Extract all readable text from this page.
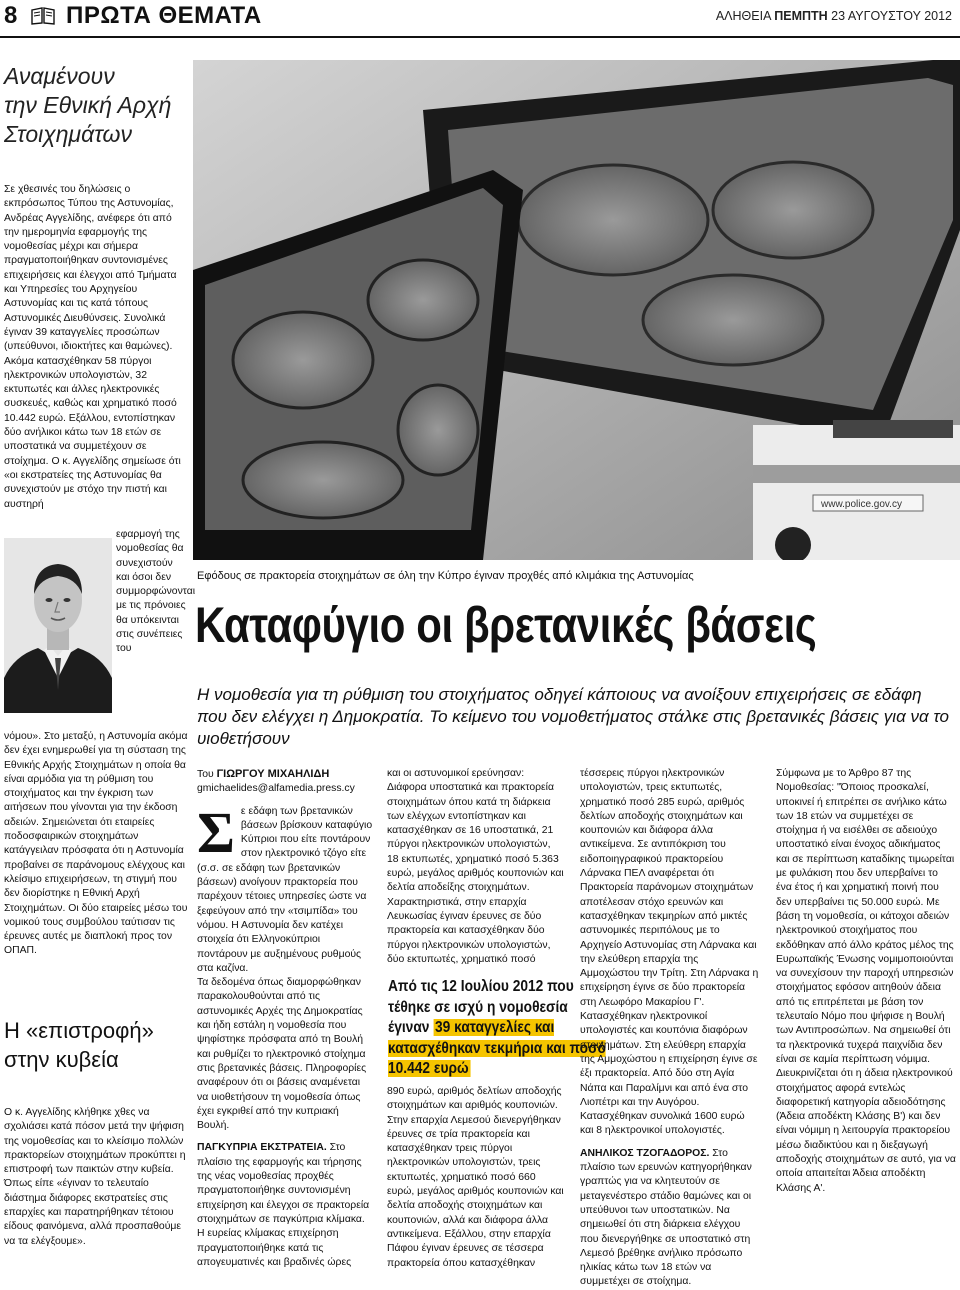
8 ΠΡΩΤΑ ΘΕΜΑΤΑ	ΑΛΗΘΕΙΑ ΠΕΜΠΤΗ 23 ΑΥΓΟΥΣΤΟΥ 2012
Αναμένουν
την Εθνική Αρχή
Στοιχημάτων

Σε χθεσινές του δηλώσεις ο εκπρόσωπος Τύπου της Αστυνομίας, Ανδρέας Αγγελίδης, ανέφερε ότι από την ημερομηνία εφαρμογής της νομοθεσίας μέχρι και σήμερα πραγματοποιήθηκαν συντονισμένες επιχειρήσεις και έλεγχοι από Τμήματα και Υπηρεσίες του Αρχηγείου Αστυνομίας και τις κατά τόπους Αστυνομικές Διευθύνσεις. Συνολικά έγιναν 39 καταγγελίες προσώπων (υπεύθυνοι, ιδιοκτήτες και θαμώνες). Ακόμα κατασχέθηκαν 58 πύργοι ηλεκτρονικών υπολογιστών, 32 εκτυπωτές και άλλες ηλεκτρονικές συσκευές, καθώς και χρηματικό ποσό 10.442 ευρώ. Εξάλλου, εντοπίστηκαν δύο ανήλικοι κάτω των 18 ετών σε υποστατικά να συμμετέχουν σε στοίχημα. Ο κ. Αγγελίδης σημείωσε ότι «οι εκστρατείες της Αστυνομίας θα συνεχιστούν με στόχο την πιστή και αυστηρή

εφαρμογή της νομοθεσίας θα συνεχιστούν και όσοι δεν συμμορφώνονται με τις πρόνοιες θα υπόκεινται στις συνέπειες του

νόμου». Στο μεταξύ, η Αστυνομία ακόμα δεν έχει ενημερωθεί για τη σύσταση της Εθνικής Αρχής Στοιχημάτων η οποία θα είναι αρμόδια για τη ρύθμιση του στοιχήματος και την έγκριση των αιτήσεων που γίνονται για την έκδοση αδειών. Σημειώνεται ότι εταιρείες ποδοσφαιρικών στοιχημάτων κατάγγειλαν πρόσφατα ότι η Αστυνομία προβαίνει σε παράνομους ελέγχους και κλείσιμο επιχειρήσεων, τη στιγμή που δεν διορίστηκε η Εθνική Αρχή Στοιχημάτων. Οι δύο εταιρείες μέσω του νομικού τους συμβούλου ταύτισαν τις έρευνες αυτές με διαπλοκή προς τον ΟΠΑΠ.

Η «επιστροφή»
στην κυβεία

Ο κ. Αγγελίδης κλήθηκε χθες να σχολιάσει κατά πόσον μετά την ψήφιση της νομοθεσίας και το κλείσιμο πολλών πρακτορείων στοιχημάτων προκύπτει η επιστροφή των παικτών στην κυβεία. Όπως είπε «έγιναν το τελευταίο διάστημα διάφορες εκστρατείες στις επαρχίες και παρατηρήθηκαν τέτοιου είδους φαινόμενα, αλλά προσπαθούμε να τα ελέγξουμε».

www.police.gov.cy
Εφόδους σε πρακτορεία στοιχημάτων σε όλη την Κύπρο έγιναν προχθές από κλιμάκια της Αστυνομίας
Καταφύγιο οι βρετανικές βάσεις
Η νομοθεσία για τη ρύθμιση του στοιχήματος οδηγεί κάποιους να ανοίξουν επιχειρήσεις σε εδάφη που δεν ελέγχει η Δημοκρατία. Το κείμενο του νομοθετήματος στάλκε στις βρετανικές βάσεις για να το υιοθετήσουν
Του ΓΙΩΡΓΟΥ ΜΙΧΑΗΛΙΔΗ
gmichaelides@alfamedia.press.cy
Σ ε εδάφη των βρετανικών βάσεων βρίσκουν καταφύγιο Κύπριοι που είτε ποντάρουν στον ηλεκτρονικό τζόγο είτε (σ.σ. σε εδάφη των βρετανικών βάσεων) ανοίγουν πρακτορεία που παρέχουν τέτοιες υπηρεσίες ώστε να ξεφεύγουν από την «τσιμπίδα» του νόμου. Η Αστυνομία δεν κατέχει στοιχεία ότι Ελληνοκύπριοι ποντάρουν με αυξημένους ρυθμούς στα καζίνα.

Τα δεδομένα όπως διαμορφώθηκαν παρακολουθούνται από τις αστυνομικές Αρχές της Δημοκρατίας και ήδη εστάλη η νομοθεσία που ψηφίστηκε πρόσφατα από τη Βουλή και ρυθμίζει το ηλεκτρονικό στοίχημα στις βρετανικές βάσεις. Πληροφορίες αναφέρουν ότι οι βάσεις αναμένεται να υιοθετήσουν τη νομοθεσία όπως έχει εγκριθεί από την κυπριακή Βουλή.

ΠΑΓΚΥΠΡΙΑ ΕΚΣΤΡΑΤΕΙΑ. Στο πλαίσιο της εφαρμογής και τήρησης της νέας νομοθεσίας προχθές πραγματοποιήθηκε συντονισμένη επιχείρηση και έλεγχοι σε πρακτορεία στοιχημάτων σε παγκύπρια κλίμακα. Η ευρείας κλίμακας επιχείρηση πραγματοποιήθηκε κατά τις απογευματινές και βραδινές ώρες

και οι αστυνομικοί ερεύνησαν: Διάφορα υποστατικά και πρακτορεία στοιχημάτων όπου κατά τη διάρκεια των ελέγχων εντοπίστηκαν και κατασχέθηκαν σε 16 υποστατικά, 21 πύργοι ηλεκτρονικών υπολογιστών, 18 εκτυπωτές, χρηματικό ποσό 5.363 ευρώ, μεγάλος αριθμός κουπονιών και δελτία αποδείξης στοιχημάτων. Χαρακτηριστικά, στην επαρχία Λευκωσίας έγιναν έρευνες σε δύο πρακτορεία και κατασχέθηκαν δύο πύργοι ηλεκτρονικών υπολογιστών, δύο εκτυπωτές, χρηματικό ποσό

Από τις 12 Ιουλίου 2012 που τέθηκε σε ισχύ η νομοθεσία έγιναν 39 καταγγελίες και κατασχέθηκαν τεκμήρια και ποσό 10.442 ευρώ

890 ευρώ, αριθμός δελτίων αποδοχής στοιχημάτων και αριθμός κουπονιών. Στην επαρχία Λεμεσού διενεργήθηκαν έρευνες σε τρία πρακτορεία και κατασχέθηκαν τρεις πύργοι ηλεκτρονικών υπολογιστών, τρεις εκτυπωτές, χρηματικό ποσό 660 ευρώ, μεγάλος αριθμός κουπονιών και δελτία αποδοχής στοιχημάτων και κουπονιών, αλλά και διάφορα άλλα αντικείμενα. Εξάλλου, στην επαρχία Πάφου έγιναν έρευνες σε τέσσερα πρακτορεία όπου κατασχέθηκαν

τέσσερεις πύργοι ηλεκτρονικών υπολογιστών, τρεις εκτυπωτές, χρηματικό ποσό 285 ευρώ, αριθμός δελτίων αποδοχής στοιχημάτων και κουπονιών και διάφορα άλλα αντικείμενα. Σε αντιπόκριση του ειδοποιηγραφικού πρακτορείου Λάρνακα ΠΕΛ αναφέρεται ότι Πρακτορεία παράνομων στοιχημάτων αποτέλεσαν στόχο ερευνών και κατασχέθηκαν τεκμηρίων από μικτές αστυνομικές περιπόλους με το Αρχηγείο Αστυνομίας στη Λάρνακα και την ελεύθερη επαρχία της Αμμοχώστου την Τρίτη. Στη Λάρνακα η επιχείρηση έγινε σε δύο πρακτορεία στη Λεωφόρο Μακαρίου Γ'. Κατασχέθηκαν ηλεκτρονικοί υπολογιστές και κουπόνια διαφόρων στοιχημάτων. Στη ελεύθερη επαρχία της Αμμοχώστου η επιχείρηση έγινε σε έξι πρακτορεία. Από δύο στη Αγία Νάπα και Παραλίμνι και από ένα στο Λιοπέτρι και την Αυγόρου. Κατασχέθηκαν συνολικά 1600 ευρώ και 8 ηλεκτρονικοί υπολογιστές.

ΑΝΗΛΙΚΟΣ ΤΖΟΓΑΔΟΡΟΣ. Στο πλαίσιο των ερευνών κατηγορήθηκαν γραπτώς για να κλητευτούν σε μεταγενέστερο στάδιο θαμώνες και οι υπεύθυνοι των υποστατικών. Να σημειωθεί ότι στη διάρκεια ελέγχου που διενεργήθηκε σε υποστατικό στη Λεμεσό βρέθηκε ανήλικο πρόσωπο ηλικίας κάτω των 18 ετών να συμμετέχει σε στοίχημα.

Σύμφωνα με το Άρθρο 87 της Νομοθεσίας: "Όποιος προσκαλεί, υποκινεί ή επιτρέπει σε ανήλικο κάτω των 18 ετών να συμμετέχει σε στοίχημα ή να εισέλθει σε αδειούχο υποστατικό είναι ένοχος αδικήματος και σε περίπτωση καταδίκης τιμωρείται με φυλάκιση που δεν υπερβαίνει το ένα έτος ή και χρηματική ποινή που δεν υπερβαίνει τις 50.000 ευρώ. Με βάση τη νομοθεσία, οι κάτοχοι αδειών ηλεκτρονικού στοιχήματος που εκδόθηκαν από άλλο κράτος μέλος της Ευρωπαϊκής Ένωσης νομιμοποιούνται να συνεχίσουν την παροχή υπηρεσιών στοιχήματος εφόσον αιτηθούν άδεια από τις επιτρέπεται με βάση τον τελευταίο Νόμο που ψήφισε η Βουλή των Αντιπροσώπων. Να σημειωθεί ότι τα ηλεκτρονικά τυχερά παιχνίδια δεν είναι σε καμία περίπτωση νόμιμα. Διευκρινίζεται ότι η άδεια ηλεκτρονικού στοιχήματος αφορά εντελώς διαφορετική κατηγορία αδειοδότησης (Άδεια αποδέκτη Κλάσης Β') και δεν είναι νόμιμη η λειτουργία πρακτορείου μέσω διαδικτύου και η διεξαγωγή αποδοχής στοιχημάτων σε αυτό, για να οποία απαιτείται Άδεια αποδέκτη Κλάσης Α'.
